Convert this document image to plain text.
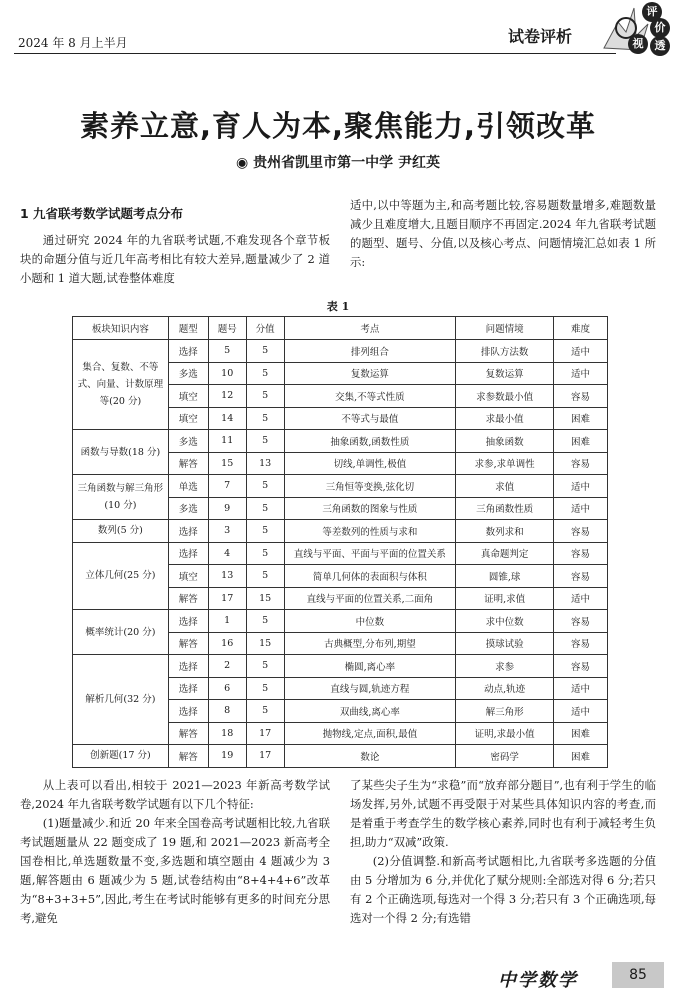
2024 年 8 月上半月	试卷评析
评
价
视	透
素养立意,育人为本,聚焦能力,引领改革
◉ 贵州省凯里市第一中学 尹红英
1 九省联考数学试题考点分布

通过研究 2024 年的九省联考试题,不难发现各个章节板块的命题分值与近几年高考相比有较大差异,题量减少了 2 道小题和 1 道大题,试卷整体难度

适中,以中等题为主,和高考题比较,容易题数量增多,难题数量减少且难度增大,且题目顺序不再固定.2024 年九省联考试题的题型、题号、分值,以及核心考点、问题情境汇总如表 1 所示:

表 1
板块知识内容	题型	题号	分值	考点	问题情境	难度
集合、复数、不等式、向量、计数原理等(20 分)	选择	5	5	排列组合	排队方法数	适中
	多选	10	5	复数运算	复数运算	适中
	填空	12	5	交集,不等式性质	求参数最小值	容易
	填空	14	5	不等式与最值	求最小值	困难
函数与导数(18 分)	多选	11	5	抽象函数,函数性质	抽象函数	困难
	解答	15	13	切线,单调性,极值	求参,求单调性	容易
三角函数与解三角形(10 分)	单选	7	5	三角恒等变换,弦化切	求值	适中
	多选	9	5	三角函数的图象与性质	三角函数性质	适中
数列(5 分)	选择	3	5	等差数列的性质与求和	数列求和	容易
立体几何(25 分)	选择	4	5	直线与平面、平面与平面的位置关系	真命题判定	容易
	填空	13	5	简单几何体的表面积与体积	圆锥,球	容易
	解答	17	15	直线与平面的位置关系,二面角	证明,求值	适中
概率统计(20 分)	选择	1	5	中位数	求中位数	容易
	解答	16	15	古典概型,分布列,期望	摸球试验	容易
解析几何(32 分)	选择	2	5	椭圆,离心率	求参	容易
	选择	6	5	直线与圆,轨迹方程	动点,轨迹	适中
	选择	8	5	双曲线,离心率	解三角形	适中
	解答	18	17	抛物线,定点,面积,最值	证明,求最小值	困难
创新题(17 分)	解答	19	17	数论	密码学	困难

从上表可以看出,相较于 2021—2023 年新高考数学试卷,2024 年九省联考数学试题有以下几个特征:

(1)题量减少.和近 20 年来全国卷高考试题相比较,九省联考试题题量从 22 题变成了 19 题,和 2021—2023 新高考全国卷相比,单选题数量不变,多选题和填空题由 4 题减少为 3 题,解答题由 6 题减少为 5 题,试卷结构由“8+4+4+6”改革为“8+3+3+5”,因此,考生在考试时能够有更多的时间充分思考,避免

了某些尖子生为“求稳”而“放弃部分题目”,也有利于学生的临场发挥,另外,试题不再受限于对某些具体知识内容的考查,而是着重于考查学生的数学核心素养,同时也有利于减轻考生负担,助力“双减”政策.

(2)分值调整.和新高考试题相比,九省联考多选题的分值由 5 分增加为 6 分,并优化了赋分规则:全部选对得 6 分;若只有 2 个正确选项,每选对一个得 3 分;若只有 3 个正确选项,每选对一个得 2 分;有选错

中学数学	85
